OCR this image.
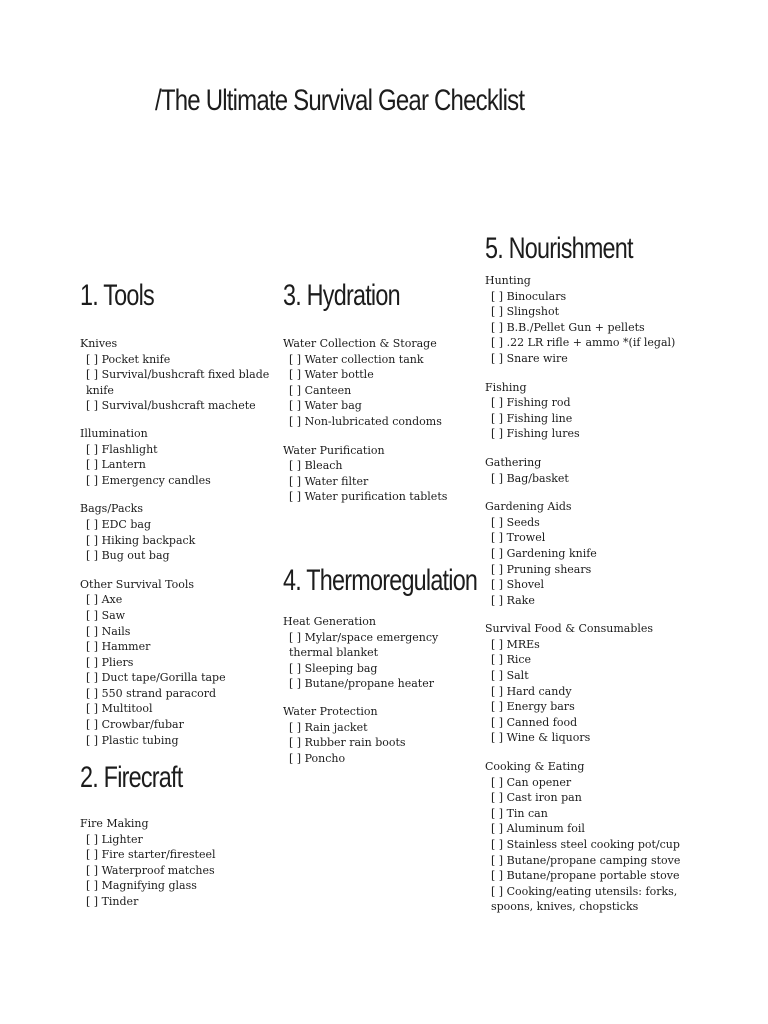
/The Ultimate Survival Gear Checklist
1. Tools
Knives
[ ] Pocket knife
[ ] Survival/bushcraft fixed blade knife
[ ] Survival/bushcraft machete
Illumination
[ ] Flashlight
[ ] Lantern
[ ] Emergency candles
Bags/Packs
[ ] EDC bag
[ ] Hiking backpack
[ ] Bug out bag
Other Survival Tools
[ ] Axe
[ ] Saw
[ ] Nails
[ ] Hammer
[ ] Pliers
[ ] Duct tape/Gorilla tape
[ ] 550 strand paracord
[ ] Multitool
[ ] Crowbar/fubar
[ ] Plastic tubing
2. Firecraft
Fire Making
[ ] Lighter
[ ] Fire starter/firesteel
[ ] Waterproof matches
[ ] Magnifying glass
[ ] Tinder
3. Hydration
Water Collection & Storage
[ ] Water collection tank
[ ] Water bottle
[ ] Canteen
[ ] Water bag
[ ] Non-lubricated condoms
Water Purification
[ ] Bleach
[ ] Water filter
[ ] Water purification tablets
4. Thermoregulation
Heat Generation
[ ] Mylar/space emergency thermal blanket
[ ] Sleeping bag
[ ] Butane/propane heater
Water Protection
[ ] Rain jacket
[ ] Rubber rain boots
[ ] Poncho
5. Nourishment
Hunting
[ ] Binoculars
[ ] Slingshot
[ ] B.B./Pellet Gun + pellets
[ ] .22 LR rifle + ammo *(if legal)
[ ] Snare wire
Fishing
[ ] Fishing rod
[ ] Fishing line
[ ] Fishing lures
Gathering
[ ] Bag/basket
Gardening Aids
[ ] Seeds
[ ] Trowel
[ ] Gardening knife
[ ] Pruning shears
[ ] Shovel
[ ] Rake
Survival Food & Consumables
[ ] MREs
[ ] Rice
[ ] Salt
[ ] Hard candy
[ ] Energy bars
[ ] Canned food
[ ] Wine & liquors
Cooking & Eating
[ ] Can opener
[ ] Cast iron pan
[ ] Tin can
[ ] Aluminum foil
[ ] Stainless steel cooking pot/cup
[ ] Butane/propane camping stove
[ ] Butane/propane portable stove
[ ] Cooking/eating utensils: forks, spoons, knives, chopsticks
